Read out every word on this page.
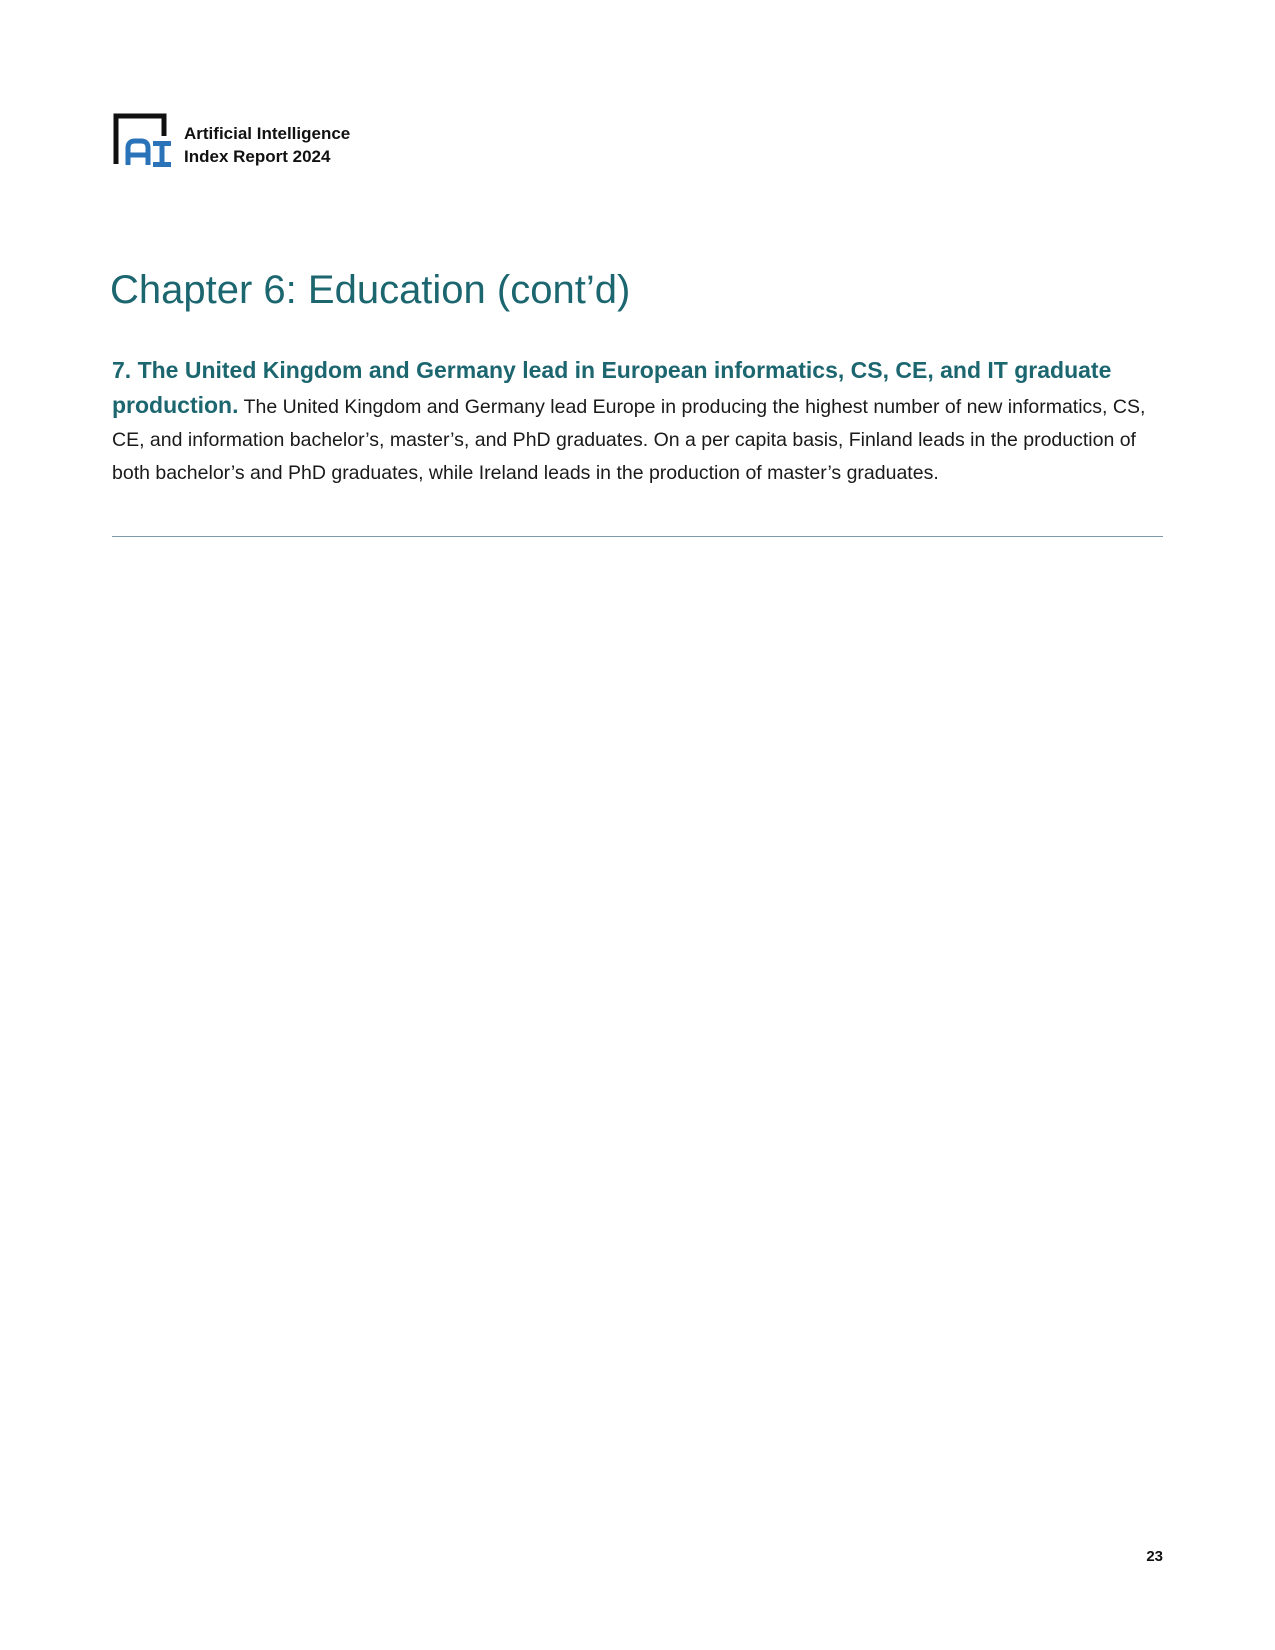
Artificial Intelligence
Index Report 2024
Chapter 6: Education (cont’d)

7. The United Kingdom and Germany lead in European informatics, CS, CE, and IT graduate production. The United Kingdom and Germany lead Europe in producing the highest number of new informatics, CS, CE, and information bachelor’s, master’s, and PhD graduates. On a per capita basis, Finland leads in the production of both bachelor’s and PhD graduates, while Ireland leads in the production of master’s graduates.

23
